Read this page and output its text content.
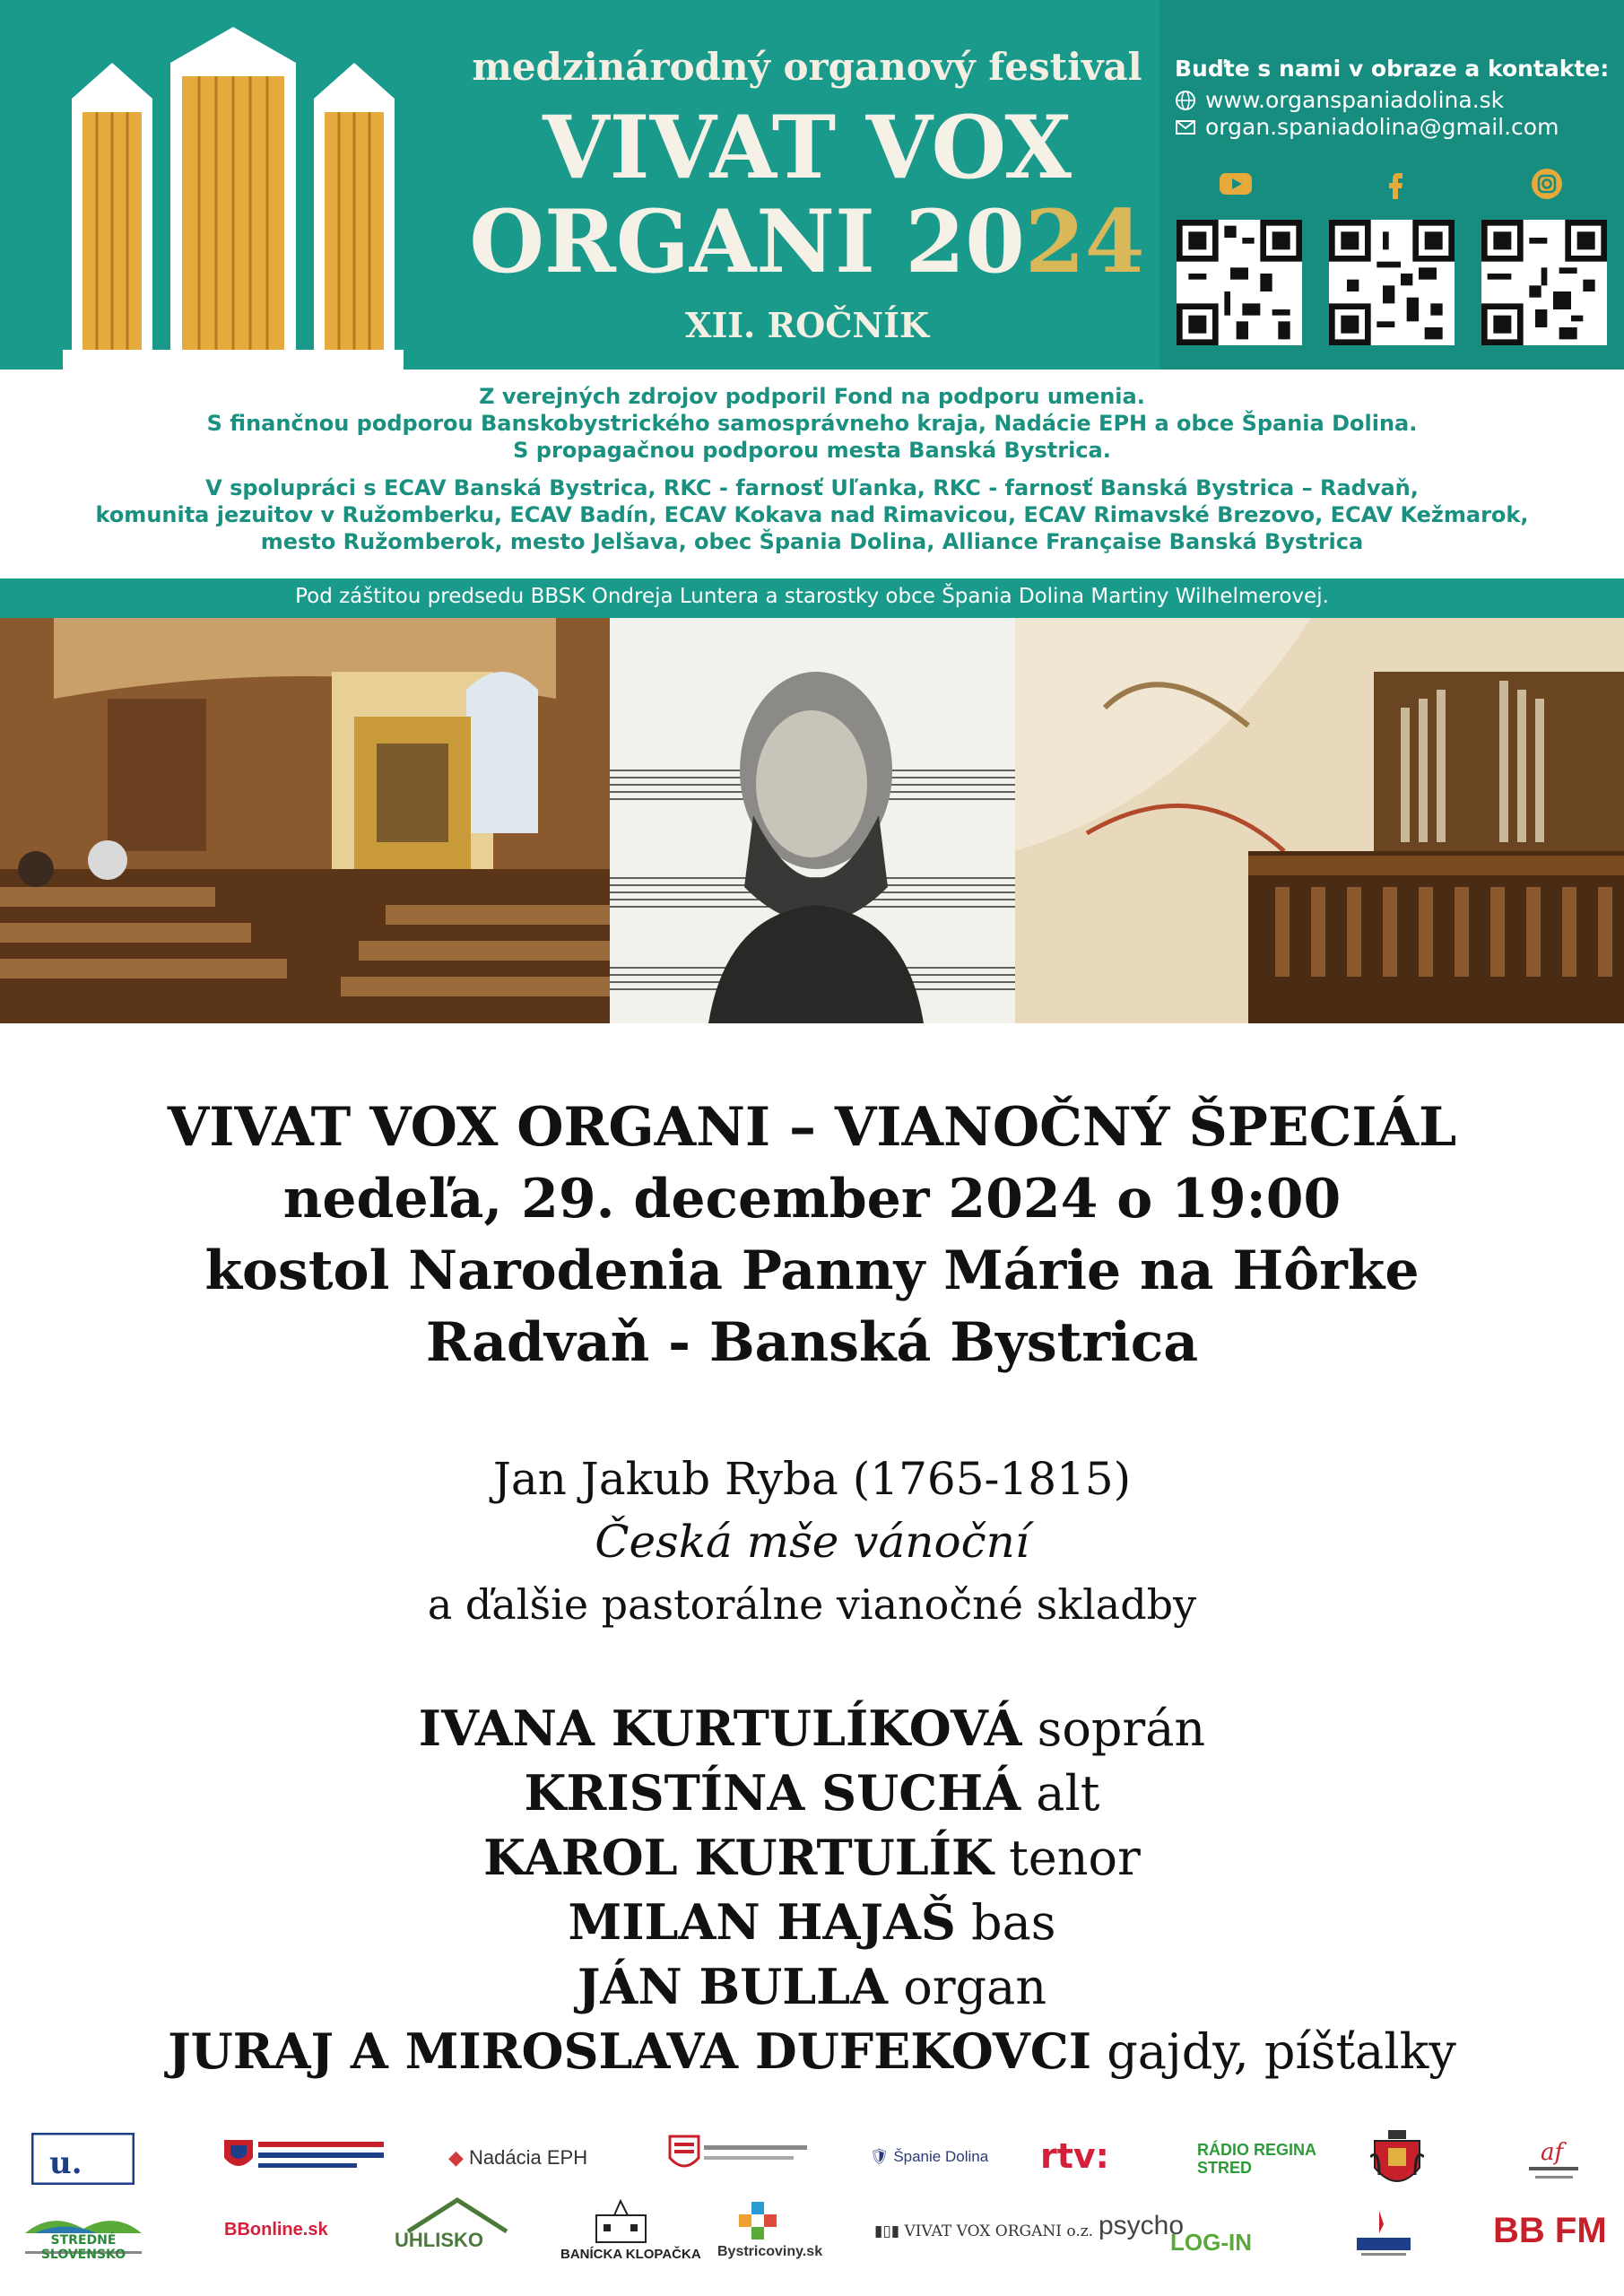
medzinárodný organový festival
VIVAT VOX
ORGANI 2024
XII. ROČNÍK
Buďte s nami v obraze a kontakte:
www.organspaniadolina.sk
organ.spaniadolina@gmail.com
Z verejných zdrojov podporil Fond na podporu umenia.
S finančnou podporou Banskobystrického samosprávneho kraja, Nadácie EPH a obce Špania Dolina.
S propagačnou podporou mesta Banská Bystrica.
V spolupráci s ECAV Banská Bystrica, RKC - farnosť Uľanka, RKC - farnosť Banská Bystrica – Radvaň,
komunita jezuitov v Ružomberku, ECAV Badín, ECAV Kokava nad Rimavicou, ECAV Rimavské Brezovo, ECAV Kežmarok,
mesto Ružomberok, mesto Jelšava, obec Špania Dolina, Alliance Française Banská Bystrica
Pod záštitou predsedu BBSK Ondreja Luntera a starostky obce Špania Dolina Martiny Wilhelmerovej.
VIVAT VOX ORGANI – VIANOČNÝ ŠPECIÁL
nedeľa, 29. december 2024 o 19:00
kostol Narodenia Panny Márie na Hôrke
Radvaň - Banská Bystrica
Jan Jakub Ryba (1765-1815)
Česká mše vánoční
a ďalšie pastorálne vianočné skladby
IVANA KURTULÍKOVÁ soprán
KRISTÍNA SUCHÁ alt
KAROL KURTULÍK tenor
MILAN HAJAŠ bas
JÁN BULLA organ
JURAJ A MIROSLAVA DUFEKOVCI gajdy, píšťalky
u.	◆ Nadácia EPH	🛡 Španie Dolina rtv:	RÁDIO REGINA STRED
af
STREDNÉ SLOVENSKO
BBonline.sk	UHLISKO
BANÍCKA KLOPAČKA Bystricoviny.sk
▮▯▮ VIVAT VOX ORGANI o.z. psycho
LOG-IN	BB FM
